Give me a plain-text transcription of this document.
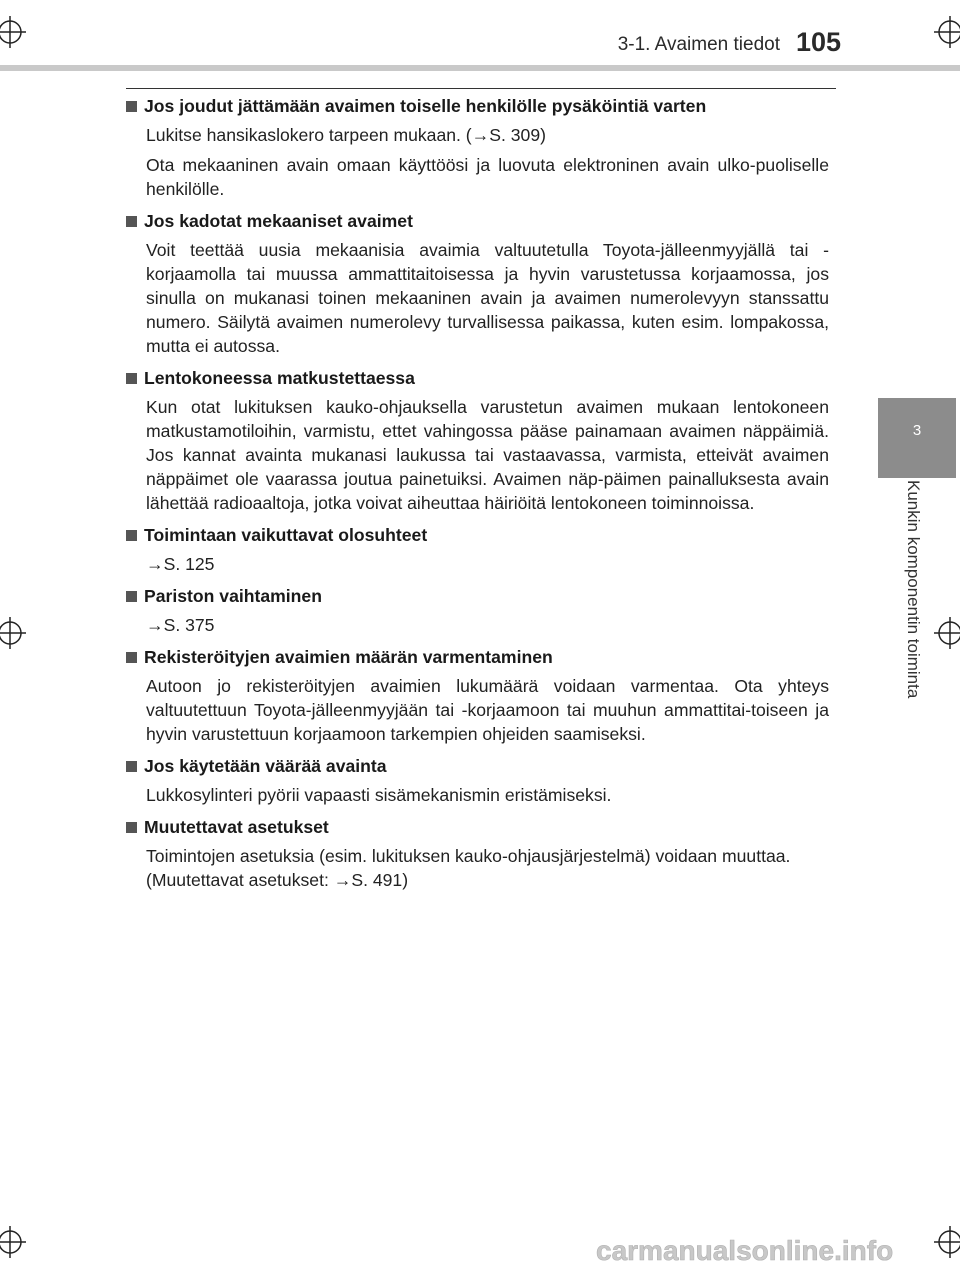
3-1. Avaimen tiedot 105
3
Kunkin komponentin toiminta
Jos joudut jättämään avaimen toiselle henkilölle pysäköintiä varten

Lukitse hansikaslokero tarpeen mukaan. (→S. 309)

Ota mekaaninen avain omaan käyttöösi ja luovuta elektroninen avain ulko-puoliselle henkilölle.

Jos kadotat mekaaniset avaimet

Voit teettää uusia mekaanisia avaimia valtuutetulla Toyota-jälleenmyyjällä tai -korjaamolla tai muussa ammattitaitoisessa ja hyvin varustetussa korjaamossa, jos sinulla on mukanasi toinen mekaaninen avain ja avaimen numerolevyyn stanssattu numero. Säilytä avaimen numerolevy turvallisessa paikassa, kuten esim. lompakossa, mutta ei autossa.

Lentokoneessa matkustettaessa

Kun otat lukituksen kauko-ohjauksella varustetun avaimen mukaan lentokoneen matkustamotiloihin, varmistu, ettet vahingossa pääse painamaan avaimen näppäimiä. Jos kannat avainta mukanasi laukussa tai vastaavassa, varmista, etteivät avaimen näppäimet ole vaarassa joutua painetuiksi. Avaimen näp-päimen painalluksesta avain lähettää radioaaltoja, jotka voivat aiheuttaa häiriöitä lentokoneen toiminnoissa.

Toimintaan vaikuttavat olosuhteet

→S. 125

Pariston vaihtaminen

→S. 375

Rekisteröityjen avaimien määrän varmentaminen

Autoon jo rekisteröityjen avaimien lukumäärä voidaan varmentaa. Ota yhteys valtuutettuun Toyota-jälleenmyyjään tai -korjaamoon tai muuhun ammattitai-toiseen ja hyvin varustettuun korjaamoon tarkempien ohjeiden saamiseksi.

Jos käytetään väärää avainta

Lukkosylinteri pyörii vapaasti sisämekanismin eristämiseksi.

Muutettavat asetukset

Toimintojen asetuksia (esim. lukituksen kauko-ohjausjärjestelmä) voidaan muuttaa.

(Muutettavat asetukset: →S. 491)

carmanualsonline.info
